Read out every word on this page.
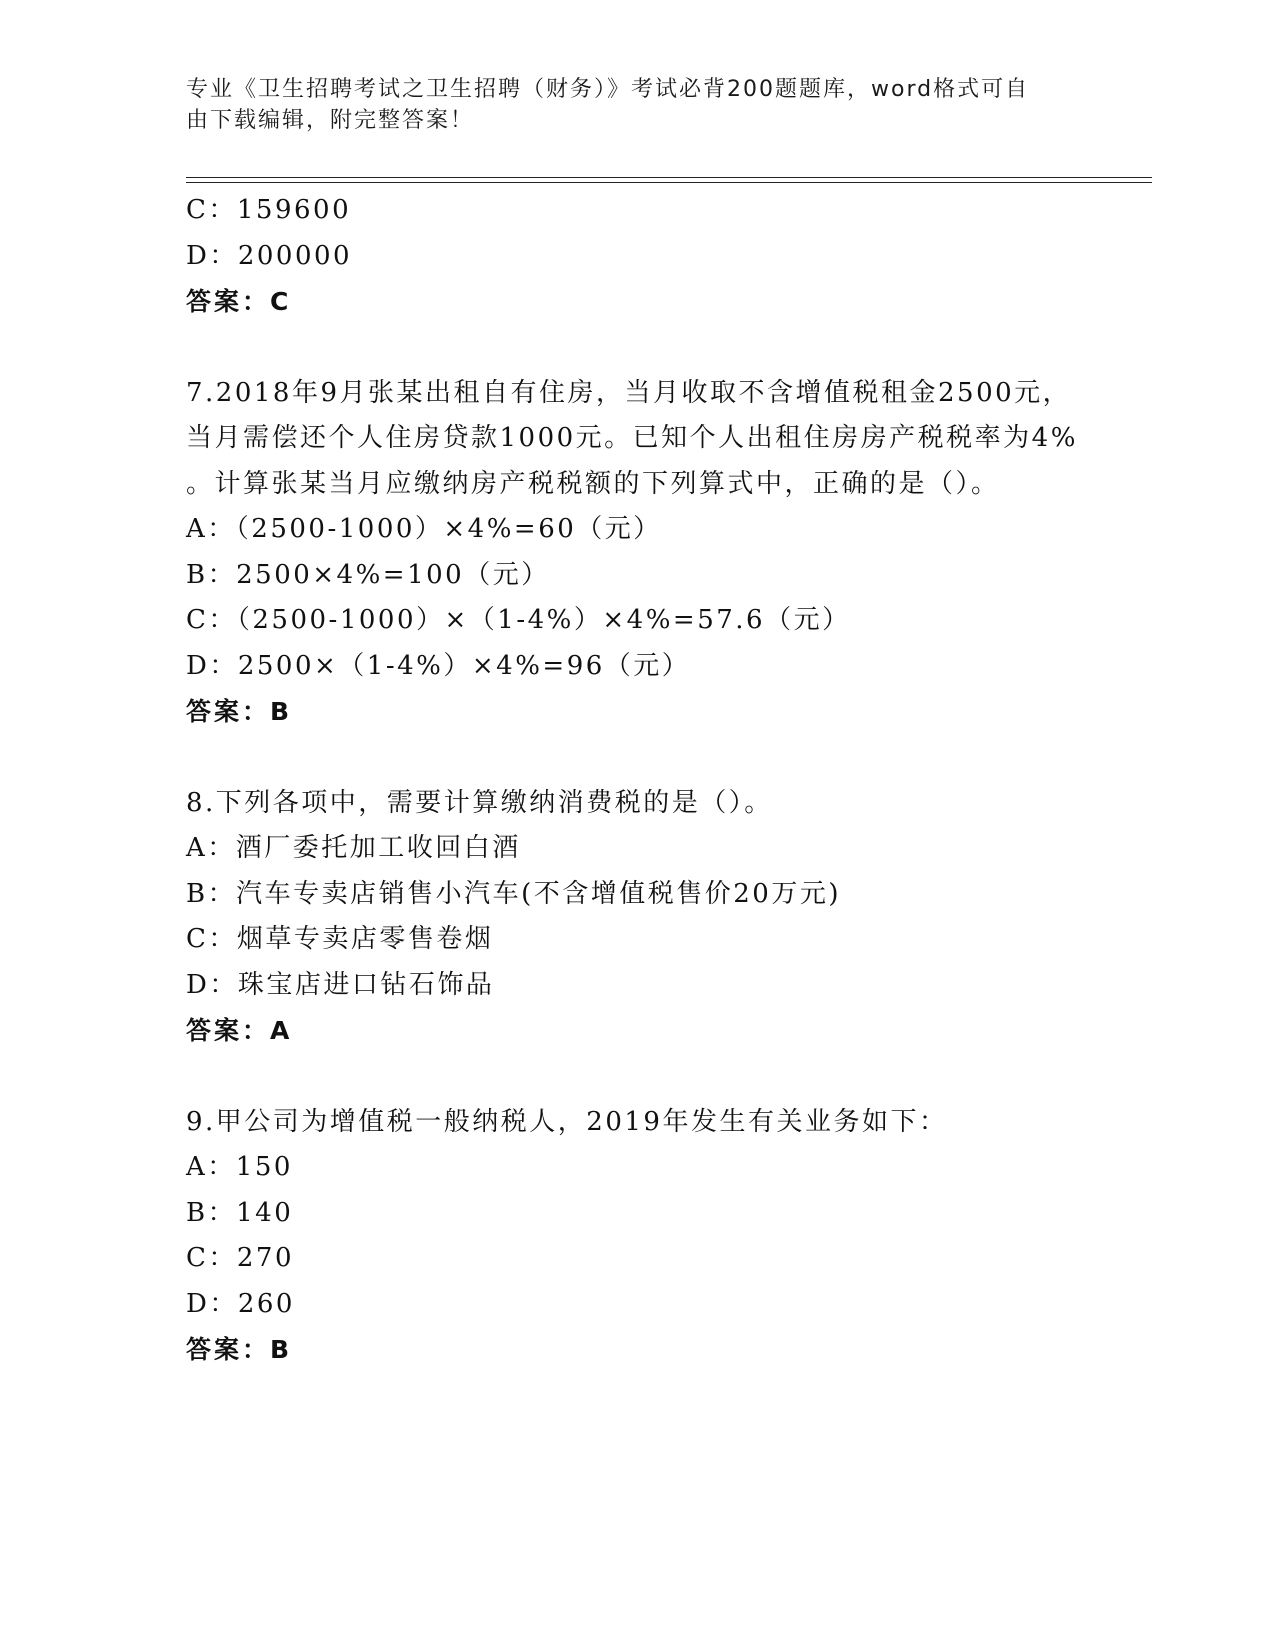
专业《卫生招聘考试之卫生招聘（财务）》考试必背200题题库，word格式可自
由下载编辑，附完整答案！
C：159600
D：200000
答案：C
7.2018年9月张某出租自有住房，当月收取不含增值税租金2500元，
当月需偿还个人住房贷款1000元。已知个人出租住房房产税税率为4%
。计算张某当月应缴纳房产税税额的下列算式中，正确的是（）。
A：（2500-1000）×4%=60（元）
B：2500×4%=100（元）
C：（2500-1000）×（1-4%）×4%=57.6（元）
D：2500×（1-4%）×4%=96（元）
答案：B
8.下列各项中，需要计算缴纳消费税的是（）。
A：酒厂委托加工收回白酒
B：汽车专卖店销售小汽车(不含增值税售价20万元)
C：烟草专卖店零售卷烟
D：珠宝店进口钻石饰品
答案：A
9.甲公司为增值税一般纳税人，2019年发生有关业务如下：
A：150
B：140
C：270
D：260
答案：B
